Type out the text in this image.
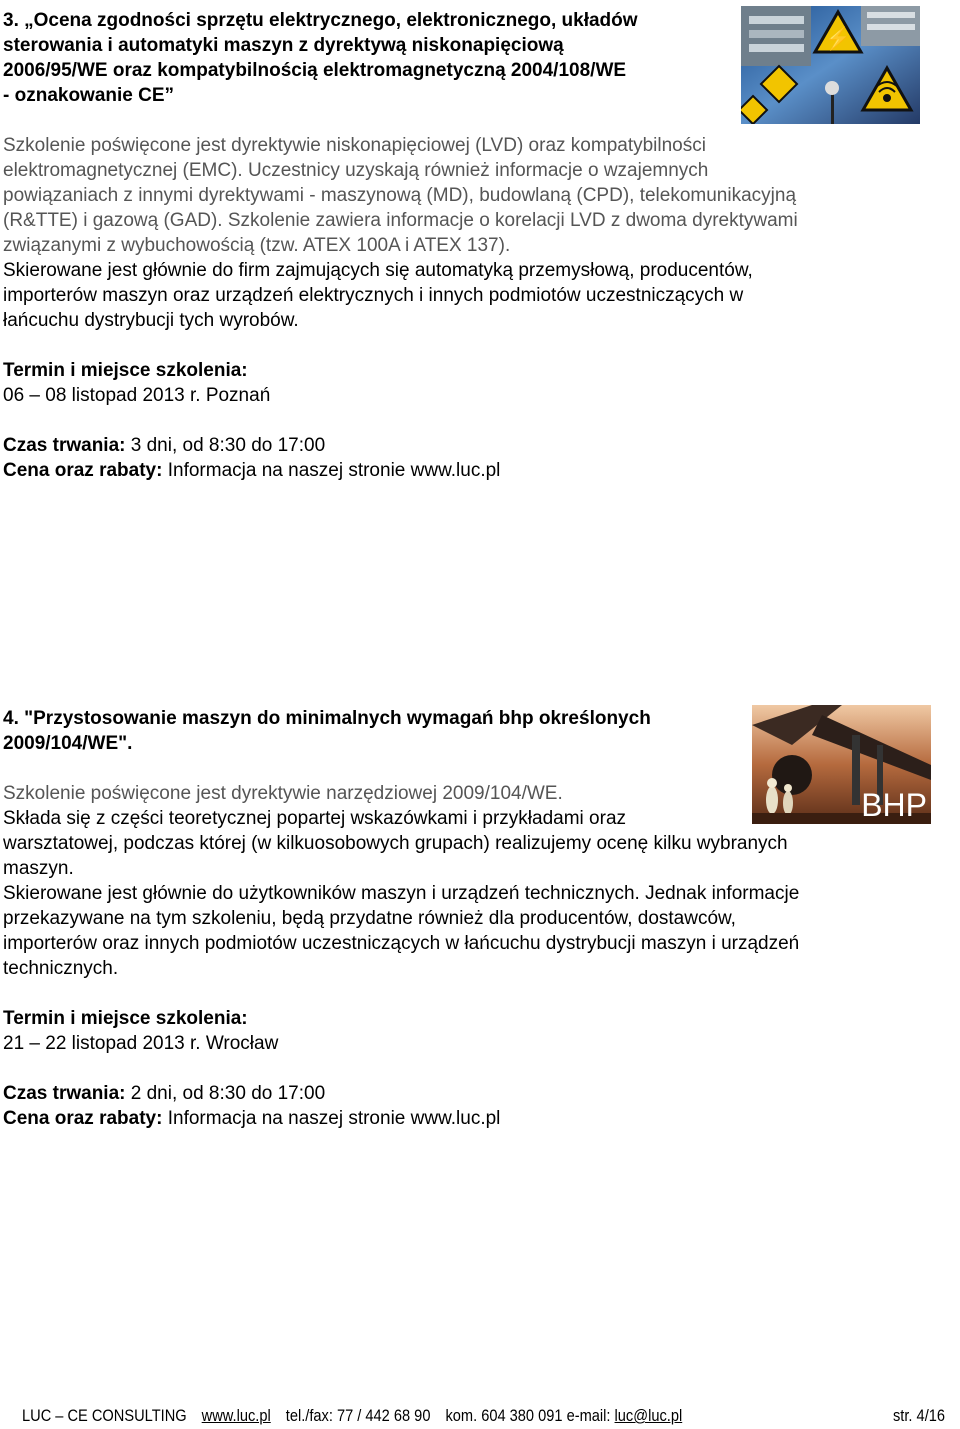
3. „Ocena zgodności sprzętu elektrycznego, elektronicznego, układów
sterowania i automatyki maszyn z dyrektywą niskonapięciową
2006/95/WE oraz kompatybilnością elektromagnetyczną 2004/108/WE
- oznakowanie CE”
⚡
Szkolenie poświęcone jest dyrektywie niskonapięciowej (LVD) oraz kompatybilności
elektromagnetycznej (EMC). Uczestnicy uzyskają również informacje o wzajemnych
powiązaniach z innymi dyrektywami - maszynową (MD), budowlaną (CPD), telekomunikacyjną
(R&TTE) i gazową (GAD). Szkolenie zawiera informacje o korelacji LVD z dwoma dyrektywami
związanymi z wybuchowością (tzw. ATEX 100A i ATEX 137).
Skierowane jest głównie do firm zajmujących się automatyką przemysłową, producentów,
importerów maszyn oraz urządzeń elektrycznych i innych podmiotów uczestniczących w
łańcuchu dystrybucji tych wyrobów.
Termin i miejsce szkolenia:
06 – 08 listopad 2013 r. Poznań
Czas trwania: 3 dni, od 8:30 do 17:00
Cena oraz rabaty: Informacja na naszej stronie www.luc.pl
4. "Przystosowanie maszyn do minimalnych wymagań bhp określonych
2009/104/WE".
BHP
Szkolenie poświęcone jest dyrektywie narzędziowej 2009/104/WE.
Składa się z części teoretycznej popartej wskazówkami i przykładami oraz
warsztatowej, podczas której (w kilkuosobowych grupach) realizujemy ocenę kilku wybranych
maszyn.
Skierowane jest głównie do użytkowników maszyn i urządzeń technicznych. Jednak informacje
przekazywane na tym szkoleniu, będą przydatne również dla producentów, dostawców,
importerów oraz innych podmiotów uczestniczących w łańcuchu dystrybucji maszyn i urządzeń
technicznych.
Termin i miejsce szkolenia:
21 – 22 listopad 2013 r. Wrocław
Czas trwania: 2 dni, od 8:30 do 17:00
Cena oraz rabaty: Informacja na naszej stronie www.luc.pl
LUC – CE CONSULTING www.luc.pl tel./fax: 77 / 442 68 90 kom. 604 380 091 e-mail: luc@luc.pl	str. 4/16
